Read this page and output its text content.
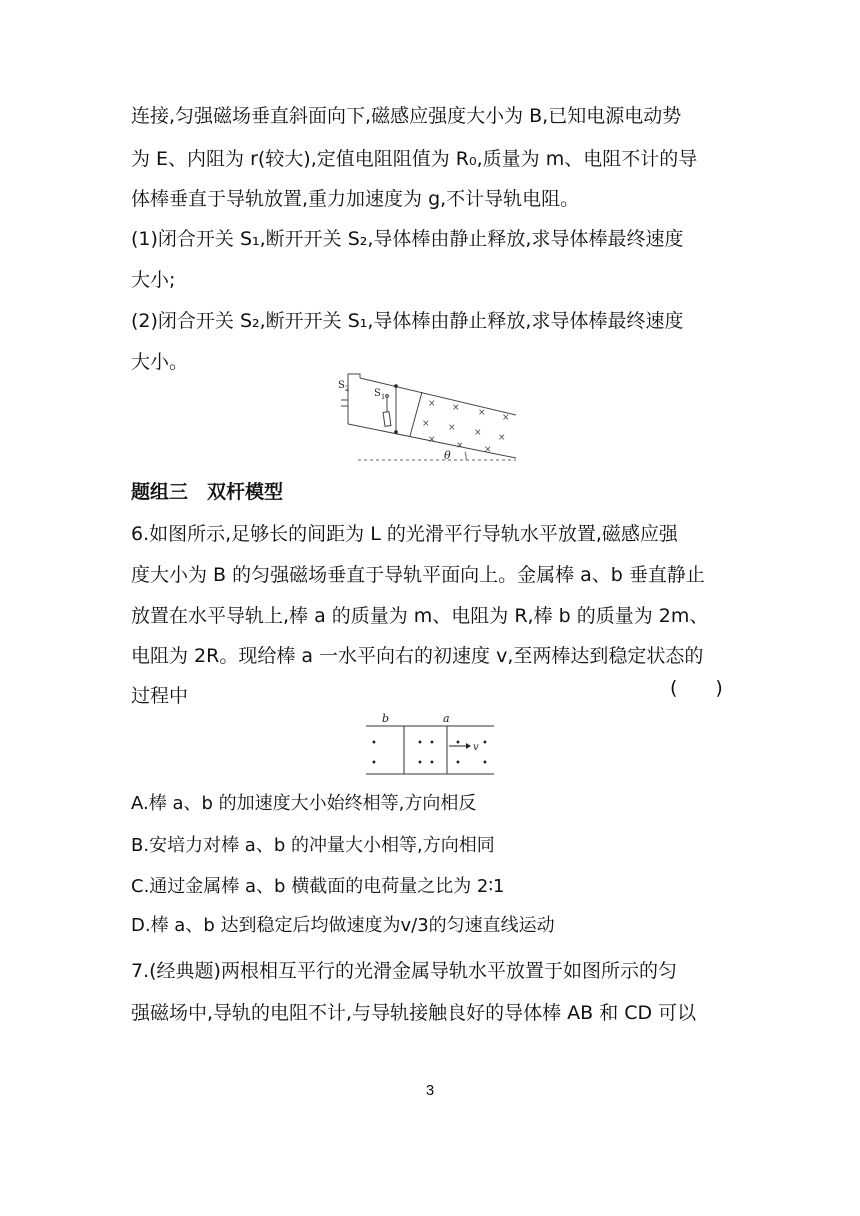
连接,匀强磁场垂直斜面向下,磁感应强度大小为 B,已知电源电动势
为 E、内阻为 r(较大),定值电阻阻值为 R₀,质量为 m、电阻不计的导
体棒垂直于导轨放置,重力加速度为 g,不计导轨电阻。
(1)闭合开关 S₁,断开开关 S₂,导体棒由静止释放,求导体棒最终速度
大小;
(2)闭合开关 S₂,断开开关 S₁,导体棒由静止释放,求导体棒最终速度
大小。
× × × ×
× × × ×
×
× ×
$S_2$ $S_1$
θ
题组三　双杆模型
6.如图所示,足够长的间距为 L 的光滑平行导轨水平放置,磁感应强
度大小为 B 的匀强磁场垂直于导轨平面向上。金属棒 a、b 垂直静止
放置在水平导轨上,棒 a 的质量为 m、电阻为 R,棒 b 的质量为 2m、
电阻为 2R。现给棒 a 一水平向右的初速度 v,至两棒达到稳定状态的
过程中	(　　)
b	a
•
•
•
•
•
•
•
•
•
•
v
A.棒 a、b 的加速度大小始终相等,方向相反
B.安培力对棒 a、b 的冲量大小相等,方向相同
C.通过金属棒 a、b 横截面的电荷量之比为 2∶1
D.棒 a、b 达到稳定后均做速度为v/3的匀速直线运动
7.(经典题)两根相互平行的光滑金属导轨水平放置于如图所示的匀
强磁场中,导轨的电阻不计,与导轨接触良好的导体棒 AB 和 CD 可以
3
